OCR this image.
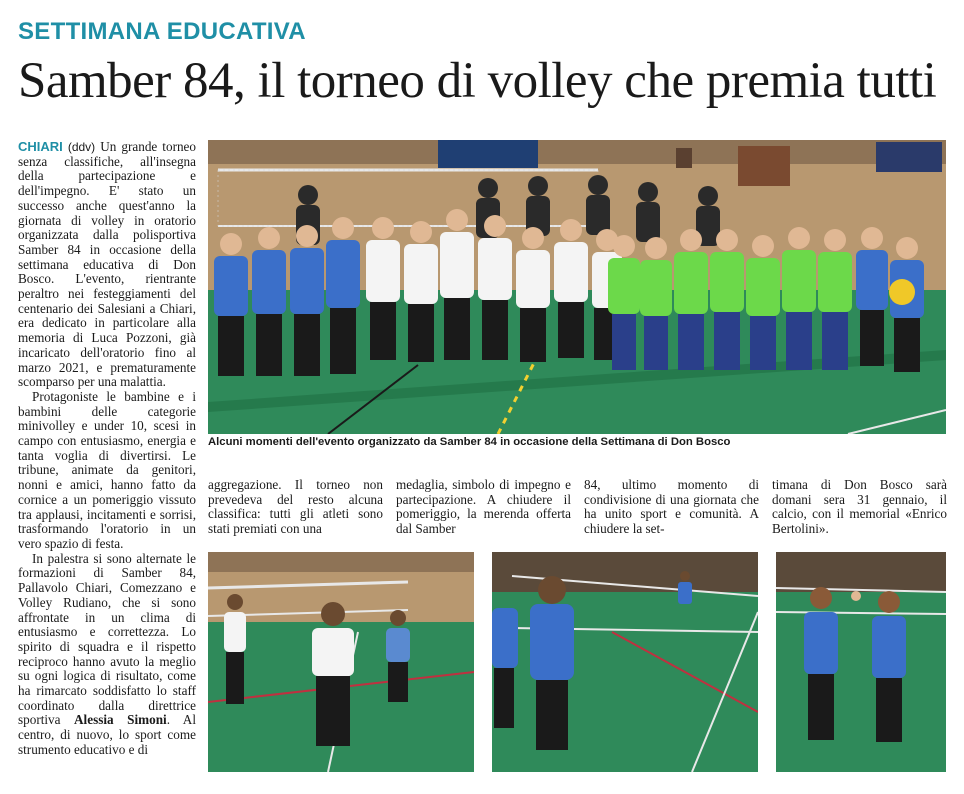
SETTIMANA EDUCATIVA
Samber 84, il torneo di volley che premia tutti

CHIARI (ddv) Un grande torneo senza classifiche, all'insegna della partecipazione e dell'impegno. E' stato un successo anche quest'anno la giornata di volley in oratorio organizzata dalla polisportiva Samber 84 in occasione della settimana educativa di Don Bosco. L'evento, rientrante peraltro nei festeggiamenti del centenario dei Salesiani a Chiari, era dedicato in particolare alla memoria di Luca Pozzoni, già incaricato dell'oratorio fino al marzo 2021, e prematuramente scomparso per una malattia.

Protagoniste le bambine e i bambini delle categorie minivolley e under 10, scesi in campo con entusiasmo, energia e tanta voglia di divertirsi. Le tribune, animate da genitori, nonni e amici, hanno fatto da cornice a un pomeriggio vissuto tra applausi, incitamenti e sorrisi, trasformando l'oratorio in un vero spazio di festa.

In palestra si sono alternate le formazioni di Samber 84, Pallavolo Chiari, Comezzano e Volley Rudiano, che si sono affrontate in un clima di entusiasmo e correttezza. Lo spirito di squadra e il rispetto reciproco hanno avuto la meglio su ogni logica di risultato, come ha rimarcato soddisfatto lo staff coordinato dalla direttrice sportiva Alessia Simoni. Al centro, di nuovo, lo sport come strumento educativo e di

Alcuni momenti dell'evento organizzato da Samber 84 in occasione della Settimana di Don Bosco

aggregazione. Il torneo non prevedeva del resto alcuna classifica: tutti gli atleti sono stati premiati con una

medaglia, simbolo di impegno e partecipazione. A chiudere il pomeriggio, la merenda offerta dal Samber

84, ultimo momento di condivisione di una giornata che ha unito sport e comunità. A chiudere la set-

timana di Don Bosco sarà domani sera 31 gennaio, il calcio, con il memorial «Enrico Bertolini».
